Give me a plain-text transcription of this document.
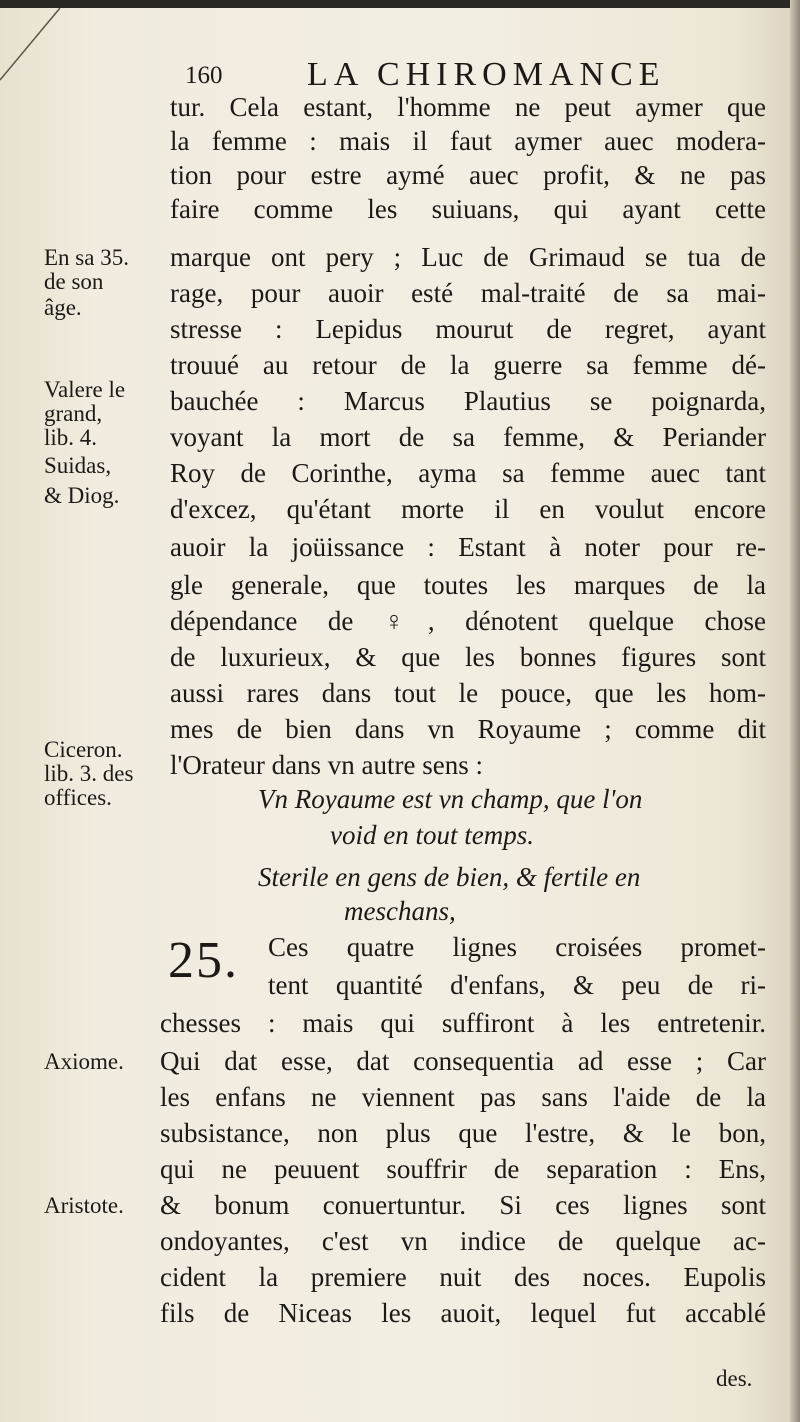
160 LA CHIROMANCE
tur. Cela estant, l'homme ne peut aymer que
la femme : mais il faut aymer auec modera-
tion pour estre aymé auec profit, & ne pas
faire comme les suiuans, qui ayant cette
marque ont pery ; Luc de Grimaud se tua de
rage, pour auoir esté mal-traité de sa mai-
stresse : Lepidus mourut de regret, ayant
trouué au retour de la guerre sa femme dé-
bauchée : Marcus Plautius se poignarda,
voyant la mort de sa femme, & Periander
Roy de Corinthe, ayma sa femme auec tant
d'excez, qu'étant morte il en voulut encore
auoir la joüissance : Estant à noter pour re-
gle generale, que toutes les marques de la
dépendance de ♀, dénotent quelque chose
de luxurieux, & que les bonnes figures sont
aussi rares dans tout le pouce, que les hom-
mes de bien dans vn Royaume ; comme dit
l'Orateur dans vn autre sens :
Vn Royaume est vn champ, que l'on
void en tout temps.
Sterile en gens de bien, & fertile en
meschans,
25. Ces quatre lignes croisées promet-
tent quantité d'enfans, & peu de ri-
chesses : mais qui suffiront à les entretenir.
Qui dat esse, dat consequentia ad esse ; Car
les enfans ne viennent pas sans l'aide de la
subsistance, non plus que l'estre, & le bon,
qui ne peuuent souffrir de separation : Ens,
& bonum conuertuntur. Si ces lignes sont
ondoyantes, c'est vn indice de quelque ac-
cident la premiere nuit des noces. Eupolis
fils de Niceas les auoit, lequel fut accablé
des.
En sa 35.
de son
âge.
Valere le
grand,
lib. 4.
Suidas,
& Diog.
Ciceron.
lib. 3. des
offices.
Axiome.
Aristote.
